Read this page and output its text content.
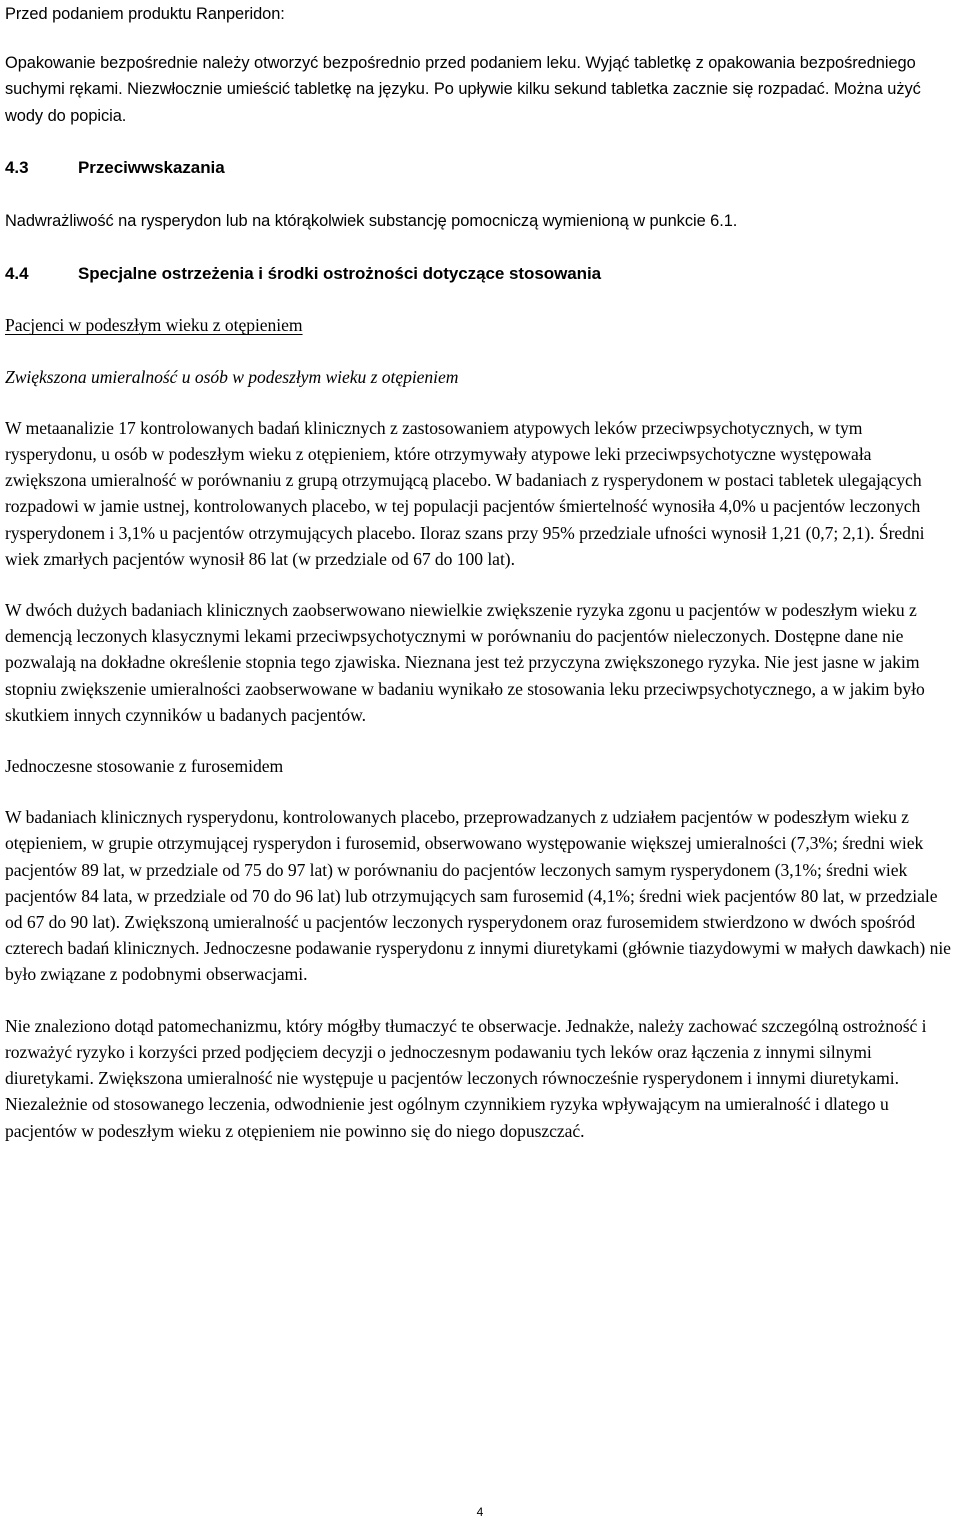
Przed podaniem produktu Ranperidon:

Opakowanie bezpośrednie należy otworzyć bezpośrednio przed podaniem leku. Wyjąć tabletkę z opakowania bezpośredniego suchymi rękami. Niezwłocznie umieścić tabletkę na języku. Po upływie kilku sekund tabletka zacznie się rozpadać. Można użyć wody do popicia.

4.3	Przeciwwskazania

Nadwrażliwość na rysperydon lub na którąkolwiek substancję pomocniczą wymienioną w punkcie 6.1.

4.4	Specjalne ostrzeżenia i środki ostrożności dotyczące stosowania

Pacjenci w podeszłym wieku z otępieniem

Zwiększona umieralność u osób w podeszłym wieku z otępieniem

W metaanalizie 17 kontrolowanych badań klinicznych z zastosowaniem atypowych leków przeciwpsychotycznych, w tym rysperydonu, u osób w podeszłym wieku z otępieniem, które otrzymywały atypowe leki przeciwpsychotyczne występowała zwiększona umieralność w porównaniu z grupą otrzymującą placebo. W badaniach z rysperydonem w postaci tabletek ulegających rozpadowi w jamie ustnej, kontrolowanych placebo, w tej populacji pacjentów śmiertelność wynosiła 4,0% u pacjentów leczonych rysperydonem i 3,1% u pacjentów otrzymujących placebo. Iloraz szans przy 95% przedziale ufności wynosił 1,21 (0,7; 2,1). Średni wiek zmarłych pacjentów wynosił 86 lat (w przedziale od 67 do 100 lat).

W dwóch dużych badaniach klinicznych zaobserwowano niewielkie zwiększenie ryzyka zgonu u pacjentów w podeszłym wieku z demencją leczonych klasycznymi lekami przeciwpsychotycznymi w porównaniu do pacjentów nieleczonych. Dostępne dane nie pozwalają na dokładne określenie stopnia tego zjawiska. Nieznana jest też przyczyna zwiększonego ryzyka. Nie jest jasne w jakim stopniu zwiększenie umieralności zaobserwowane w badaniu wynikało ze stosowania leku przeciwpsychotycznego, a w jakim było skutkiem innych czynników u badanych pacjentów.

Jednoczesne stosowanie z furosemidem

W badaniach klinicznych rysperydonu, kontrolowanych placebo, przeprowadzanych z udziałem pacjentów w podeszłym wieku z otępieniem, w grupie otrzymującej rysperydon i furosemid, obserwowano występowanie większej umieralności (7,3%; średni wiek pacjentów 89 lat, w przedziale od 75 do 97 lat) w porównaniu do pacjentów leczonych samym rysperydonem (3,1%; średni wiek pacjentów 84 lata, w przedziale od 70 do 96 lat) lub otrzymujących sam furosemid (4,1%; średni wiek pacjentów 80 lat, w przedziale od 67 do 90 lat). Zwiększoną umieralność u pacjentów leczonych rysperydonem oraz furosemidem stwierdzono w dwóch spośród czterech badań klinicznych. Jednoczesne podawanie rysperydonu z innymi diuretykami (głównie tiazydowymi w małych dawkach) nie było związane z podobnymi obserwacjami.

Nie znaleziono dotąd patomechanizmu, który mógłby tłumaczyć te obserwacje. Jednakże, należy zachować szczególną ostrożność i rozważyć ryzyko i korzyści przed podjęciem decyzji o jednoczesnym podawaniu tych leków oraz łączenia z innymi silnymi diuretykami. Zwiększona umieralność nie występuje u pacjentów leczonych równocześnie rysperydonem i innymi diuretykami. Niezależnie od stosowanego leczenia, odwodnienie jest ogólnym czynnikiem ryzyka wpływającym na umieralność i dlatego u pacjentów w podeszłym wieku z otępieniem nie powinno się do niego dopuszczać.

4
